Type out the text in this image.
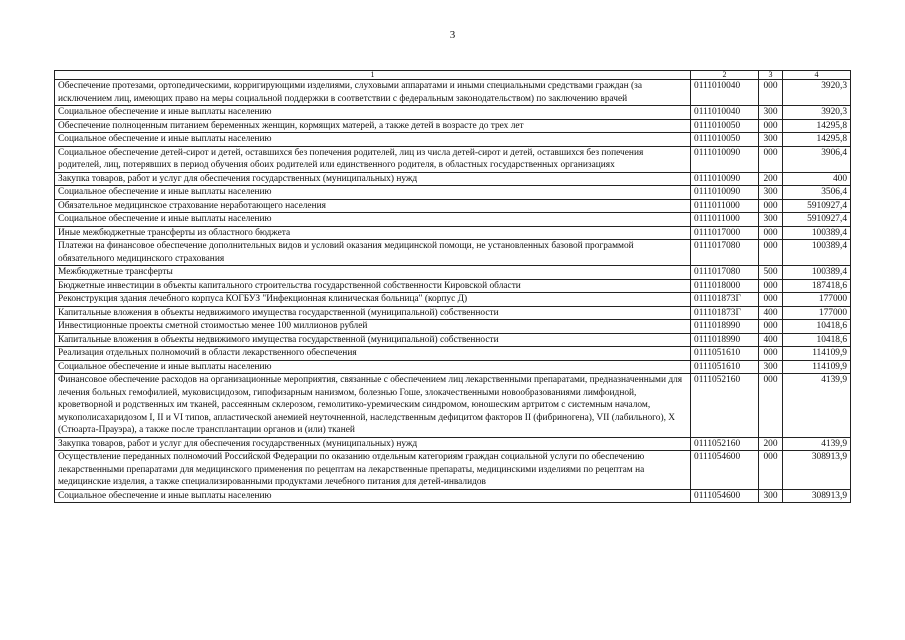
3
1	2	3	4
Обеспечение протезами, ортопедическими, корригирующими изделиями, слуховыми аппаратами и иными специальными средствами граждан (за исключением лиц, имеющих право на меры социальной поддержки в соответствии с федеральным законодательством) по заключению врачей	0111010040	000	3920,3
Социальное обеспечение и иные выплаты населению	0111010040	300	3920,3
Обеспечение полноценным питанием беременных женщин, кормящих матерей, а также детей в возрасте до трех лет	0111010050	000	14295,8
Социальное обеспечение и иные выплаты населению	0111010050	300	14295,8
Социальное обеспечение детей-сирот и детей, оставшихся без попечения родителей, лиц из числа детей-сирот и детей, оставшихся без попечения родителей, лиц, потерявших в период обучения обоих родителей или единственного родителя, в областных государственных организациях	0111010090	000	3906,4
Закупка товаров, работ и услуг для обеспечения государственных (муниципальных) нужд	0111010090	200	400
Социальное обеспечение и иные выплаты населению	0111010090	300	3506,4
Обязательное медицинское страхование неработающего населения	0111011000	000	5910927,4
Социальное обеспечение и иные выплаты населению	0111011000	300	5910927,4
Иные межбюджетные трансферты из областного бюджета	0111017000	000	100389,4
Платежи на финансовое обеспечение дополнительных видов и условий оказания медицинской помощи, не установленных базовой программой обязательного медицинского страхования	0111017080	000	100389,4
Межбюджетные трансферты	0111017080	500	100389,4
Бюджетные инвестиции в объекты капитального строительства государственной собственности Кировской области	0111018000	000	187418,6
Реконструкция здания лечебного корпуса КОГБУЗ "Инфекционная клиническая больница" (корпус Д)	011101873Г	000	177000
Капитальные вложения в объекты недвижимого имущества государственной (муниципальной) собственности	011101873Г	400	177000
Инвестиционные проекты сметной стоимостью менее 100 миллионов рублей	0111018990	000	10418,6
Капитальные вложения в объекты недвижимого имущества государственной (муниципальной) собственности	0111018990	400	10418,6
Реализация отдельных полномочий в области лекарственного обеспечения	0111051610	000	114109,9
Социальное обеспечение и иные выплаты населению	0111051610	300	114109,9
Финансовое обеспечение расходов на организационные мероприятия, связанные с обеспечением лиц лекарственными препаратами, предназначенными для лечения больных гемофилией, муковисцидозом, гипофизарным нанизмом, болезнью Гоше, злокачественными новообразованиями лимфоидной, кроветворной и родственных им тканей, рассеянным склерозом, гемолитико-уремическим синдромом, юношеским артритом с системным началом, мукополисахаридозом I, II и VI типов, апластической анемией неуточненной, наследственным дефицитом факторов II (фибриногена), VII (лабильного), X (Стюарта-Прауэра), а также после трансплантации органов и (или) тканей	0111052160	000	4139,9
Закупка товаров, работ и услуг для обеспечения государственных (муниципальных) нужд	0111052160	200	4139,9
Осуществление переданных полномочий Российской Федерации по оказанию отдельным категориям граждан социальной услуги по обеспечению лекарственными препаратами для медицинского применения по рецептам на лекарственные препараты, медицинскими изделиями по рецептам на медицинские изделия, а также специализированными продуктами лечебного питания для детей-инвалидов	0111054600	000	308913,9
Социальное обеспечение и иные выплаты населению	0111054600	300	308913,9
